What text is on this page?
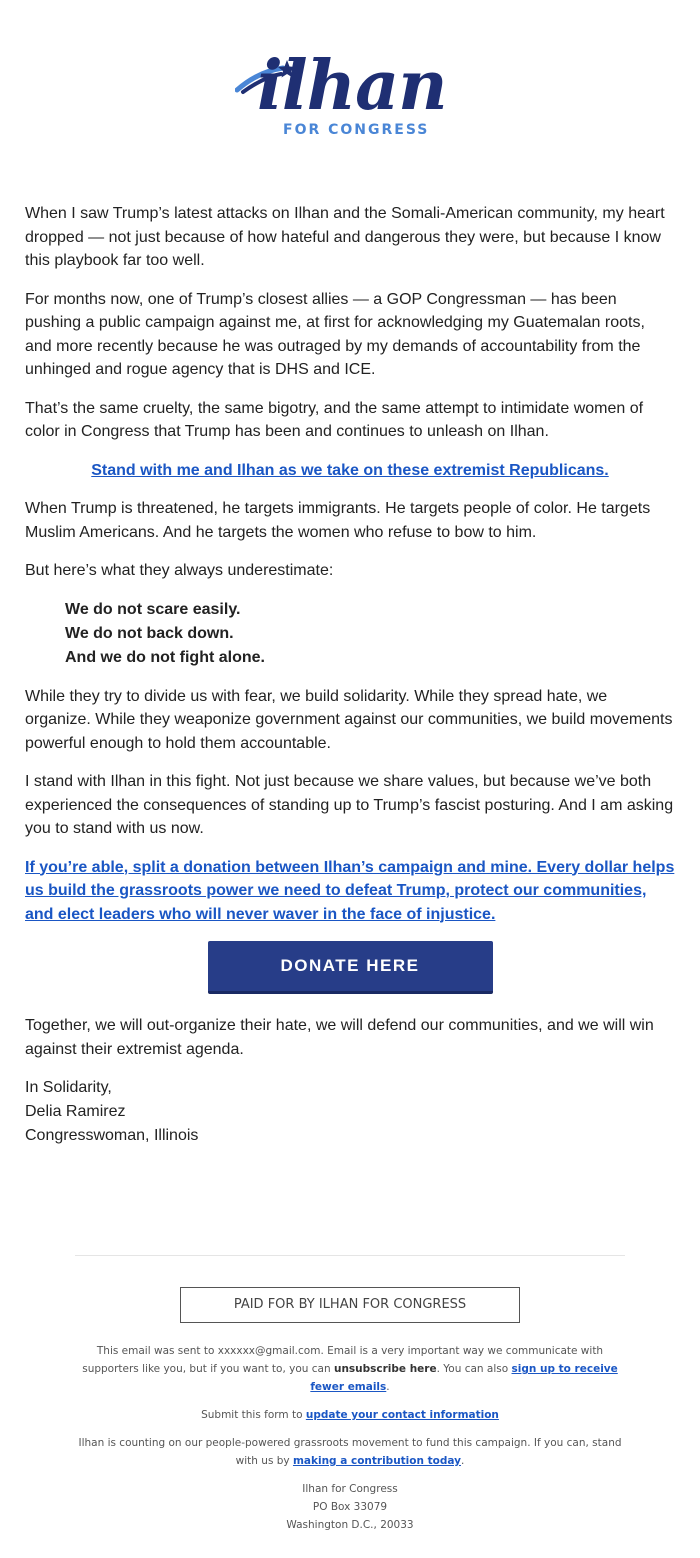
ilhan
FOR CONGRESS

When I saw Trump’s latest attacks on Ilhan and the Somali-American community, my heart dropped — not just because of how hateful and dangerous they were, but because I know this playbook far too well.

For months now, one of Trump’s closest allies — a GOP Congressman — has been pushing a public campaign against me, at first for acknowledging my Guatemalan roots, and more recently because he was outraged by my demands of accountability from the unhinged and rogue agency that is DHS and ICE.

That’s the same cruelty, the same bigotry, and the same attempt to intimidate women of color in Congress that Trump has been and continues to unleash on Ilhan.

Stand with me and Ilhan as we take on these extremist Republicans.

When Trump is threatened, he targets immigrants. He targets people of color. He targets Muslim Americans. And he targets the women who refuse to bow to him.

But here’s what they always underestimate:

We do not scare easily.
We do not back down.
And we do not fight alone.

While they try to divide us with fear, we build solidarity. While they spread hate, we organize. While they weaponize government against our communities, we build movements powerful enough to hold them accountable.

I stand with Ilhan in this fight. Not just because we share values, but because we’ve both experienced the consequences of standing up to Trump’s fascist posturing. And I am asking you to stand with us now.

If you’re able, split a donation between Ilhan’s campaign and mine. Every dollar helps us build the grassroots power we need to defeat Trump, protect our communities, and elect leaders who will never waver in the face of injustice.

DONATE HERE

Together, we will out-organize their hate, we will defend our communities, and we will win against their extremist agenda.

In Solidarity,
Delia Ramirez
Congresswoman, Illinois
PAID FOR BY ILHAN FOR CONGRESS

This email was sent to xxxxxx@gmail.com. Email is a very important way we communicate with supporters like you, but if you want to, you can unsubscribe here. You can also sign up to receive fewer emails.

Submit this form to update your contact information

Ilhan is counting on our people-powered grassroots movement to fund this campaign. If you can, stand with us by making a contribution today.

Ilhan for Congress
PO Box 33079
Washington D.C., 20033
